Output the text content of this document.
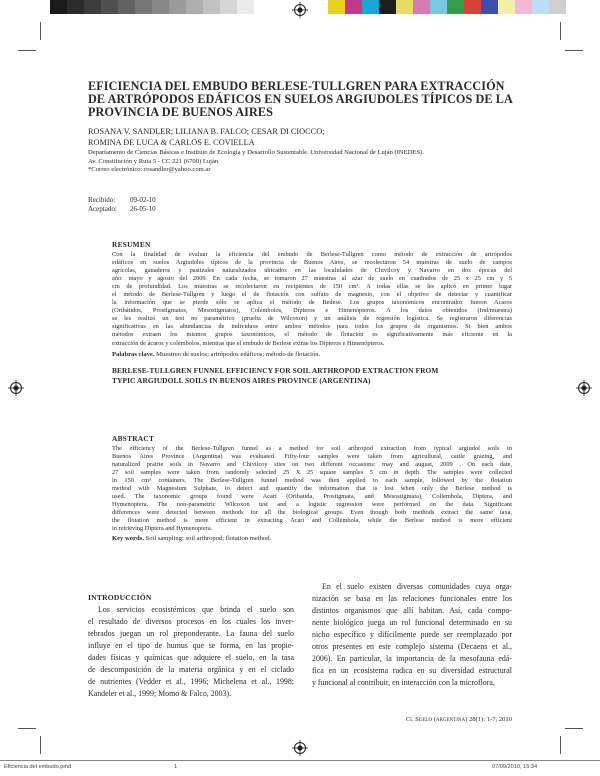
EFICIENCIA DEL EMBUDO BERLESE-TULLGREN PARA EXTRACCIÓN
DE ARTRÓPODOS EDÁFICOS EN SUELOS ARGIUDOLES TÍPICOS DE LA
PROVINCIA DE BUENOS AIRES
ROSANA V. SANDLER; LILIANA B. FALCO; CESAR DI CIOCCO;
ROMINA DE LUCA & CARLOS E. COVIELLA
Departamento de Ciencias Básicas e Instituto de Ecología y Desarrollo Sustentable. Universidad Nacional de Luján (INEDES).
Av. Constitución y Ruta 5 - CC 221 (6700) Luján
*Correo electrónico: rosandler@yahoo.com.ar
Recibido: 09-02-10
Aceptado: 26-05-10
RESUMEN
Con la finalidad de evaluar la eficiencia del embudo de Berlese-Tullgren como método de extracción de artrópodos
edáficos en suelos Argiudoles típicos de la provincia de Buenos Aires, se recolectaron 54 muestras de suelo de campos
agrícolas, ganaderos y pastizales naturalizados ubicados en las localidades de Chivilcoy y Navarro en dos épocas del
año: mayo y agosto del 2009. En cada fecha, se tomaron 27 muestras al azar de suelo en cuadrados de 25 x 25 cm y 5
cm de profundidad. Los muestras se recolectaron en recipientes de 150 cm³. A todas ellas se les aplicó en primer lugar
el método de Berlese-Tullgren y luego el de flotación con sulfato de magnesio, con el objetivo de detectar y cuantificar
la información que se pierde sólo se aplica el método de Bedese. Los grupos taxonómicos encontrados fueron Acaros
(Oribátidos, Prostigmatos, Mesostigmatos), Colémbolos, Dípteros e Himenópteros. A los datos obtenidos (Ind/muestra)
se les realizó un test no paramétrico (prueba de Wilcoxon) y un análisis de regresión logística. Se registraron diferencias
significativas en las abundancias de individuos entre ambos métodos para todos los grupos de organismos. Si bien ambos
métodos extraen los mismos grupos taxonómicos, el método de flotación es significativamente más eficiente en la
extracción de ácaros y colémbolos, mientras que el embudo de Berlese extrae los Dípteros e Himenópteros.
Palabras clave. Muestreo de suelos; artrópodos edáficos; método de flotación.
BERLESE-TULLGREN FUNNEL EFFICIENCY FOR SOIL ARTHROPOD EXTRACTION FROM
TYPIC ARGIUDOLL SOILS IN BUENOS AIRES PROVINCE (ARGENTINA)
ABSTRACT
The efficiency of the Berlese-Tullgren funnel as a method for soil arthropod extraction from typical argiudol soils in
Buenos Aires Province (Argentina) was evaluated. Fifty-four samples were taken from agricultural, cattle grazing, and
naturalized prairie soils in Navarro and Chivilcoy sites on two different occasions: may and august, 2009 . On each date,
27 soil samples were taken from randomly selected 25 X 25 square samples 5 cm in depth. The samples were collected
in 150 cm³ containers. The Berlese-Tullgren funnel method was then applied to each sample, followed by the flotation
method with Magnesium Sulphate, to detect and quantify the information that is lost when only the Berlese method is
used. The taxonomic groups found were Acari (Oribatida, Prostigmata, and Mesostigmata), Collembola, Diptera, and
Hymenoptera. The non-parametric Wilcoxon test and a logistic regression were performed on the data. Significant
differences were detected between methods for all the biological groups. Even though both methods extract the same taxa,
the flotation method is more efficient in extracting Acari and Collembola, while the Berlese method is more efficient
in retrieving Diptera and Hymenoptera.
Key words. Soil sampling; soil arthropod; flotation method.
INTRODUCCIÓN
Los servicios ecosistémicos que brinda el suelo son
el resultado de diversos procesos en los cuales los inver-
tebrados juegan un rol preponderante. La fauna del suelo
influye en el tipo de humus que se forma, en las propie-
dades físicas y químicas que adquiere el suelo, en la tasa
de descomposición de la materia orgánica y en el ciclado
de nutrientes (Vedder et al., 1996; Michelena et al., 1998;
Kandeler et al., 1999; Momo & Falco, 2003).
En el suelo existen diversas comunidades cuya orga-
nización se basa en las relaciones funcionales entre los
distintos organismos que allí habitan. Así, cada compo-
nente biológico juega un rol funcional determinado en su
nicho específico y difícilmente puede ser reemplazado por
otros presentes en este complejo sistema (Decaens et al.,
2006). En particular, la importancia de la mesofauna edá-
fica en un ecosistema radica en su diversidad estructural
y funcional al contribuir, en interacción con la microflora,
Ci. Suelo (argentina) 28(1): 1-7, 2010
Eficiencia del embudo.pmd	1	07/09/2010, 15:34
